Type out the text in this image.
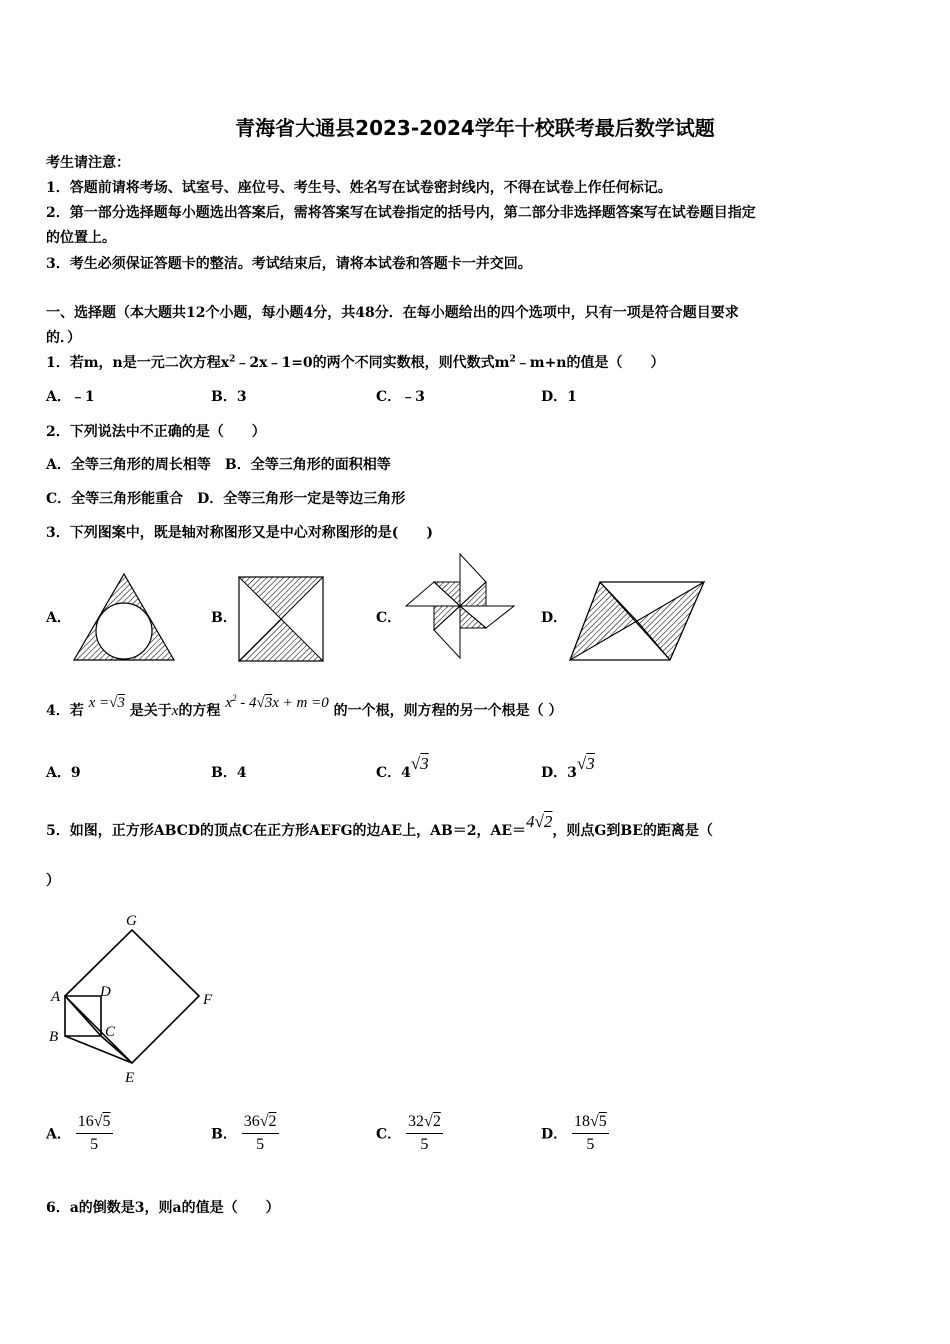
青海省大通县2023-2024学年十校联考最后数学试题
考生请注意：
1．答题前请将考场、试室号、座位号、考生号、姓名写在试卷密封线内，不得在试卷上作任何标记。
2．第一部分选择题每小题选出答案后，需将答案写在试卷指定的括号内，第二部分非选择题答案写在试卷题目指定
的位置上。
3．考生必须保证答题卡的整洁。考试结束后，请将本试卷和答题卡一并交回。
一、选择题（本大题共12个小题，每小题4分，共48分．在每小题给出的四个选项中，只有一项是符合题目要求
的．）
1．若m，n是一元二次方程$x^2﹣2x﹣1=0$的两个不同实数根，则代数式$m^2﹣m+n$的值是（　　）
A．﹣1	B．3	C．﹣3	D．1
2．下列说法中不正确的是（　　）
A．全等三角形的周长相等　B．全等三角形的面积相等
C．全等三角形能重合　D．全等三角形一定是等边三角形
3．下列图案中，既是轴对称图形又是中心对称图形的是(　　)
A．	B．	C．	D．
4．若 x =√3 是关于x的方程 $x^2 - 4√3x + m =0$ 的一个根，则方程的另一个根是（ ）
A．9	B．4	C．4√3	D．3√3
5．如图，正方形ABCD的顶点C在正方形AEFG的边AE上，AB＝2，AE＝4√2，则点G到BE的距离是（
）
G
A	D	F
B	C
E
A． $\frac{16√5}{5}$	B． $\frac{36√2}{5}$	C． $\frac{32√2}{5}$	D． $\frac{18√5}{5}$
6．a的倒数是3，则a的值是（　　）
